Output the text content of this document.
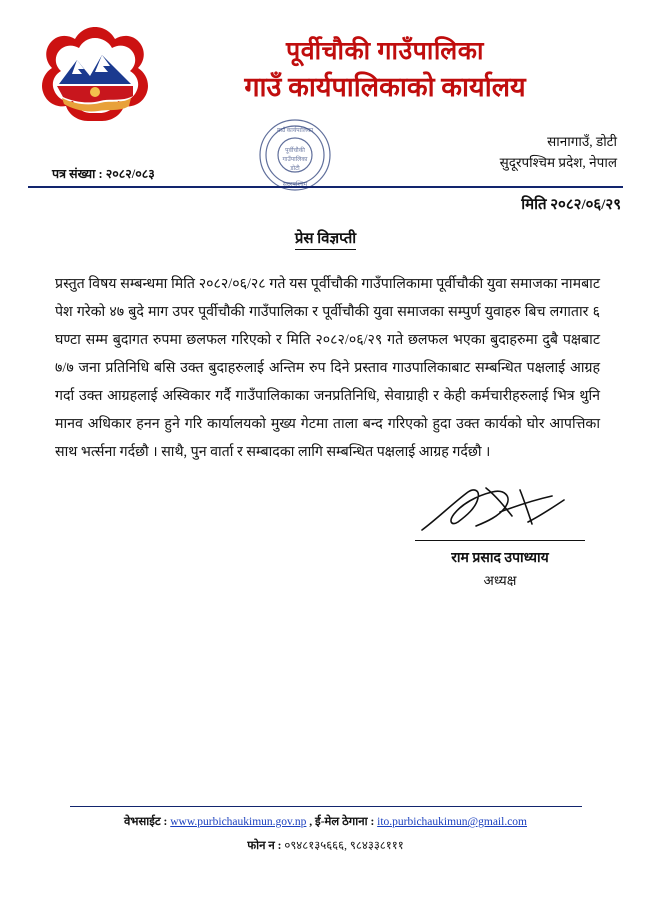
पूर्वीचौकी गाउँपालिका
गाउँ कार्यपालिकाको कार्यालय
गाउँ कार्यपालिका
पूर्वीचौकी
गाउँपालिका
डोटी
सुदूरपश्चिम
सानागाउँ, डोटी
सुदूरपश्चिम प्रदेश, नेपाल
पत्र संख्या : २०८२/०८३
मिति २०८२/०६/२९
प्रेस विज्ञप्ती

प्रस्तुत विषय सम्बन्धमा मिति २०८२/०६/२८ गते यस पूर्वीचौकी गाउँपालिकामा पूर्वीचौकी युवा समाजका नामबाट पेश गरेको ४७ बुदे माग उपर पूर्वीचौकी गाउँपालिका र पूर्वीचौकी युवा समाजका सम्पुर्ण युवाहरु बिच लगातार ६ घण्टा सम्म बुदागत रुपमा छलफल गरिएको र मिति २०८२/०६/२९ गते छलफल भएका बुदाहरुमा दुबै पक्षबाट ७/७ जना प्रतिनिधि बसि उक्त बुदाहरुलाई अन्तिम रुप दिने प्रस्ताव गाउपालिकाबाट सम्बन्धित पक्षलाई आग्रह गर्दा उक्त आग्रहलाई अस्विकार गर्दै गाउँपालिकाका जनप्रतिनिधि, सेवाग्राही र केही कर्मचारीहरुलाई भित्र थुनि मानव अधिकार हनन हुने गरि कार्यालयको मुख्य गेटमा ताला बन्द गरिएको हुदा उक्त कार्यको घोर आपत्तिका साथ भर्त्सना गर्दछौ । साथै, पुन वार्ता र सम्बादका लागि सम्बन्धित पक्षलाई आग्रह गर्दछौ ।

राम प्रसाद उपाध्याय
अध्यक्ष
वेभसाईट : www.purbichaukimun.gov.np , ई-मेल ठेगाना : ito.purbichaukimun@gmail.com
फोन न : ०९४८१३५६६६, ९८४३३८१११
